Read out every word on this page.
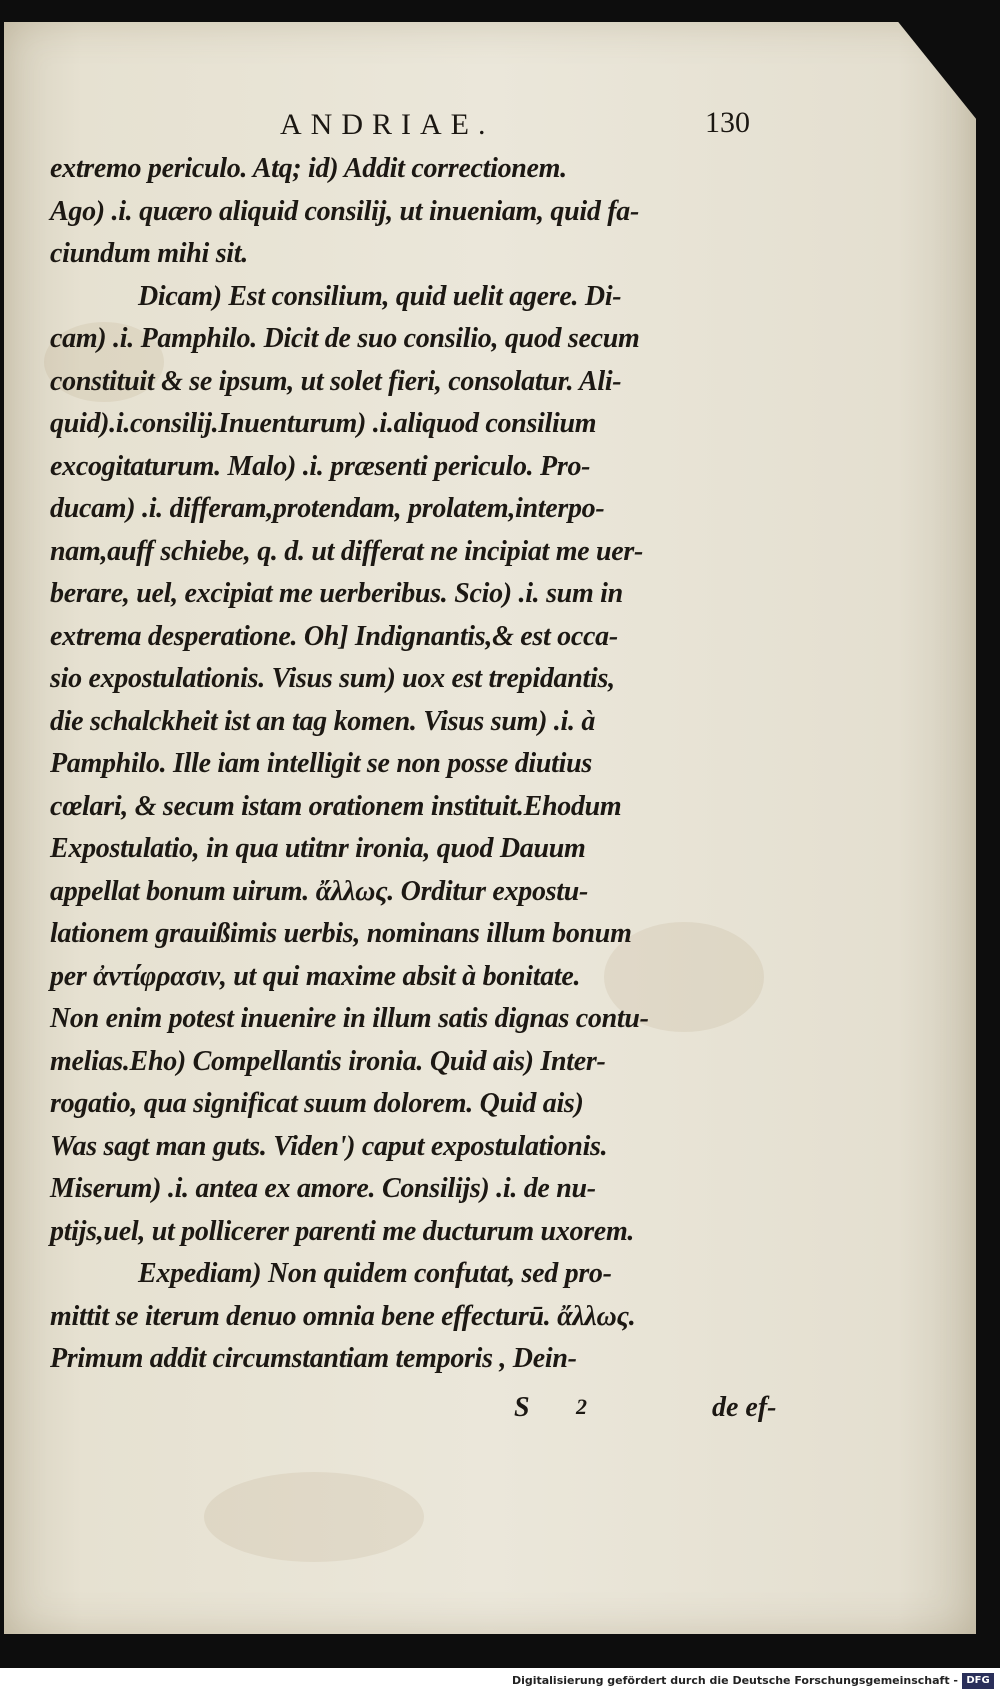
ANDRIAE.	130
extremo periculo. Atq; id) Addit correctionem.
Ago) .i. quæro aliquid consilij, ut inueniam, quid fa-
ciundum mihi sit.
Dicam) Est consilium, quid uelit agere. Di-
cam) .i. Pamphilo. Dicit de suo consilio, quod secum
constituit & se ipsum, ut solet fieri, consolatur. Ali-
quid).i.consilij.Inuenturum) .i.aliquod consilium
excogitaturum. Malo) .i. præsenti periculo. Pro-
ducam) .i. differam,protendam, prolatem,interpo-
nam,auff schiebe, q. d. ut differat ne incipiat me uer-
berare, uel, excipiat me uerberibus. Scio) .i. sum in
extrema desperatione. Oh] Indignantis,& est occa-
sio expostulationis. Visus sum) uox est trepidantis,
die schalckheit ist an tag komen. Visus sum) .i. à
Pamphilo. Ille iam intelligit se non posse diutius
cœlari, & secum istam orationem instituit.Ehodum
Expostulatio, in qua utitnr ironia, quod Dauum
appellat bonum uirum. ἄλλως. Orditur expostu-
lationem grauißimis uerbis, nominans illum bonum
per ἀντίφρασιν, ut qui maxime absit à bonitate.
Non enim potest inuenire in illum satis dignas contu-
melias.Eho) Compellantis ironia. Quid ais) Inter-
rogatio, qua significat suum dolorem. Quid ais)
Was sagt man guts. Viden') caput expostulationis.
Miserum) .i. antea ex amore. Consilijs) .i. de nu-
ptijs,uel, ut pollicerer parenti me ducturum uxorem.
Expediam) Non quidem confutat, sed pro-
mittit se iterum denuo omnia bene effecturū. ἄλλως.
Primum addit circumstantiam temporis , Dein-
S 2	de ef-
Digitalisierung gefördert durch die Deutsche Forschungsgemeinschaft - DFG
